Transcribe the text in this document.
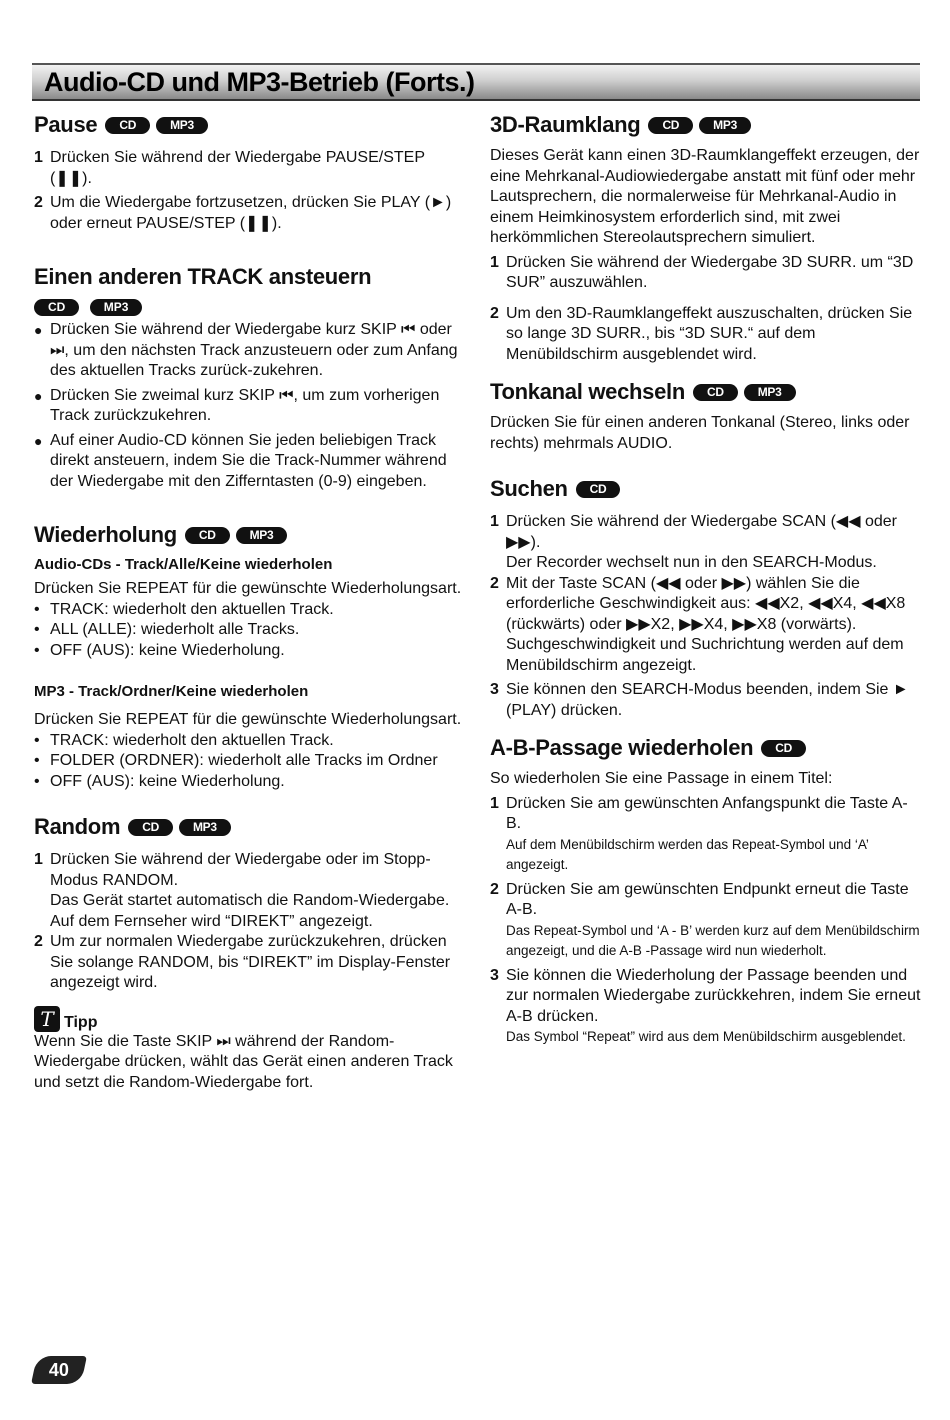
Audio-CD und MP3-Betrieb (Forts.)
Pause	CD	MP3
1 Drücken Sie während der Wiedergabe PAUSE/STEP (❚❚).
2 Um die Wiedergabe fortzusetzen, drücken Sie PLAY (►) oder erneut PAUSE/STEP (❚❚).
Einen anderen TRACK ansteuern
CD	MP3
● Drücken Sie während der Wiedergabe kurz SKIP ⏮ oder ⏭, um den nächsten Track anzusteuern oder zum Anfang des aktuellen Tracks zurück-zukehren.
● Drücken Sie zweimal kurz SKIP ⏮, um zum vorherigen Track zurückzukehren.
● Auf einer Audio-CD können Sie jeden beliebigen Track direkt ansteuern, indem Sie die Track-Nummer während der Wiedergabe mit den Zifferntasten (0-9) eingeben.
Wiederholung	CD	MP3
Audio-CDs - Track/Alle/Keine wiederholen

Drücken Sie REPEAT für die gewünschte Wiederholungsart.

• TRACK: wiederholt den aktuellen Track.
• ALL (ALLE): wiederholt alle Tracks.
• OFF (AUS): keine Wiederholung.
MP3 - Track/Ordner/Keine wiederholen

Drücken Sie REPEAT für die gewünschte Wiederholungsart.

• TRACK: wiederholt den aktuellen Track.
• FOLDER (ORDNER): wiederholt alle Tracks im Ordner
• OFF (AUS): keine Wiederholung.
Random	CD	MP3
1 Drücken Sie während der Wiedergabe oder im Stopp-Modus RANDOM.
Das Gerät startet automatisch die Random-Wiedergabe.
Auf dem Fernseher wird “DIREKT” angezeigt.
2 Um zur normalen Wiedergabe zurückzukehren, drücken Sie solange RANDOM, bis “DIREKT” im Display-Fenster angezeigt wird.
T Tipp

Wenn Sie die Taste SKIP ⏭ während der Random-Wiedergabe drücken, wählt das Gerät einen anderen Track und setzt die Random-Wiedergabe fort.

3D-Raumklang	CD	MP3

Dieses Gerät kann einen 3D-Raumklangeffekt erzeugen, der eine Mehrkanal-Audiowiedergabe anstatt mit fünf oder mehr Lautsprechern, die normalerweise für Mehrkanal-Audio in einem Heimkinosystem erforderlich sind, mit zwei herkömmlichen Stereolautsprechern simuliert.

1 Drücken Sie während der Wiedergabe 3D SURR. um “3D SUR” auszuwählen.
2 Um den 3D-Raumklangeffekt auszuschalten, drücken Sie so lange 3D SURR., bis “3D SUR.“ auf dem Menübildschirm ausgeblendet wird.
Tonkanal wechseln	CD	MP3

Drücken Sie für einen anderen Tonkanal (Stereo, links oder rechts) mehrmals AUDIO.

Suchen	CD
1 Drücken Sie während der Wiedergabe SCAN (◀◀ oder ▶▶).
Der Recorder wechselt nun in den SEARCH-Modus.
2 Mit der Taste SCAN (◀◀ oder ▶▶) wählen Sie die erforderliche Geschwindigkeit aus: ◀◀X2, ◀◀X4, ◀◀X8 (rückwärts) oder ▶▶X2, ▶▶X4, ▶▶X8 (vorwärts).
Suchgeschwindigkeit und Suchrichtung werden auf dem Menübildschirm angezeigt.
3 Sie können den SEARCH-Modus beenden, indem Sie ► (PLAY) drücken.
A-B-Passage wiederholen	CD

So wiederholen Sie eine Passage in einem Titel:

1 Drücken Sie am gewünschten Anfangspunkt die Taste A-B.
Auf dem Menübildschirm werden das Repeat-Symbol und ‘A’ angezeigt.
2 Drücken Sie am gewünschten Endpunkt erneut die Taste A-B.
Das Repeat-Symbol und ‘A - B’ werden kurz auf dem Menübildschirm angezeigt, und die A-B -Passage wird nun wiederholt.
3 Sie können die Wiederholung der Passage beenden und zur normalen Wiedergabe zurückkehren, indem Sie erneut A-B drücken.
Das Symbol “Repeat” wird aus dem Menübildschirm ausgeblendet.
40
